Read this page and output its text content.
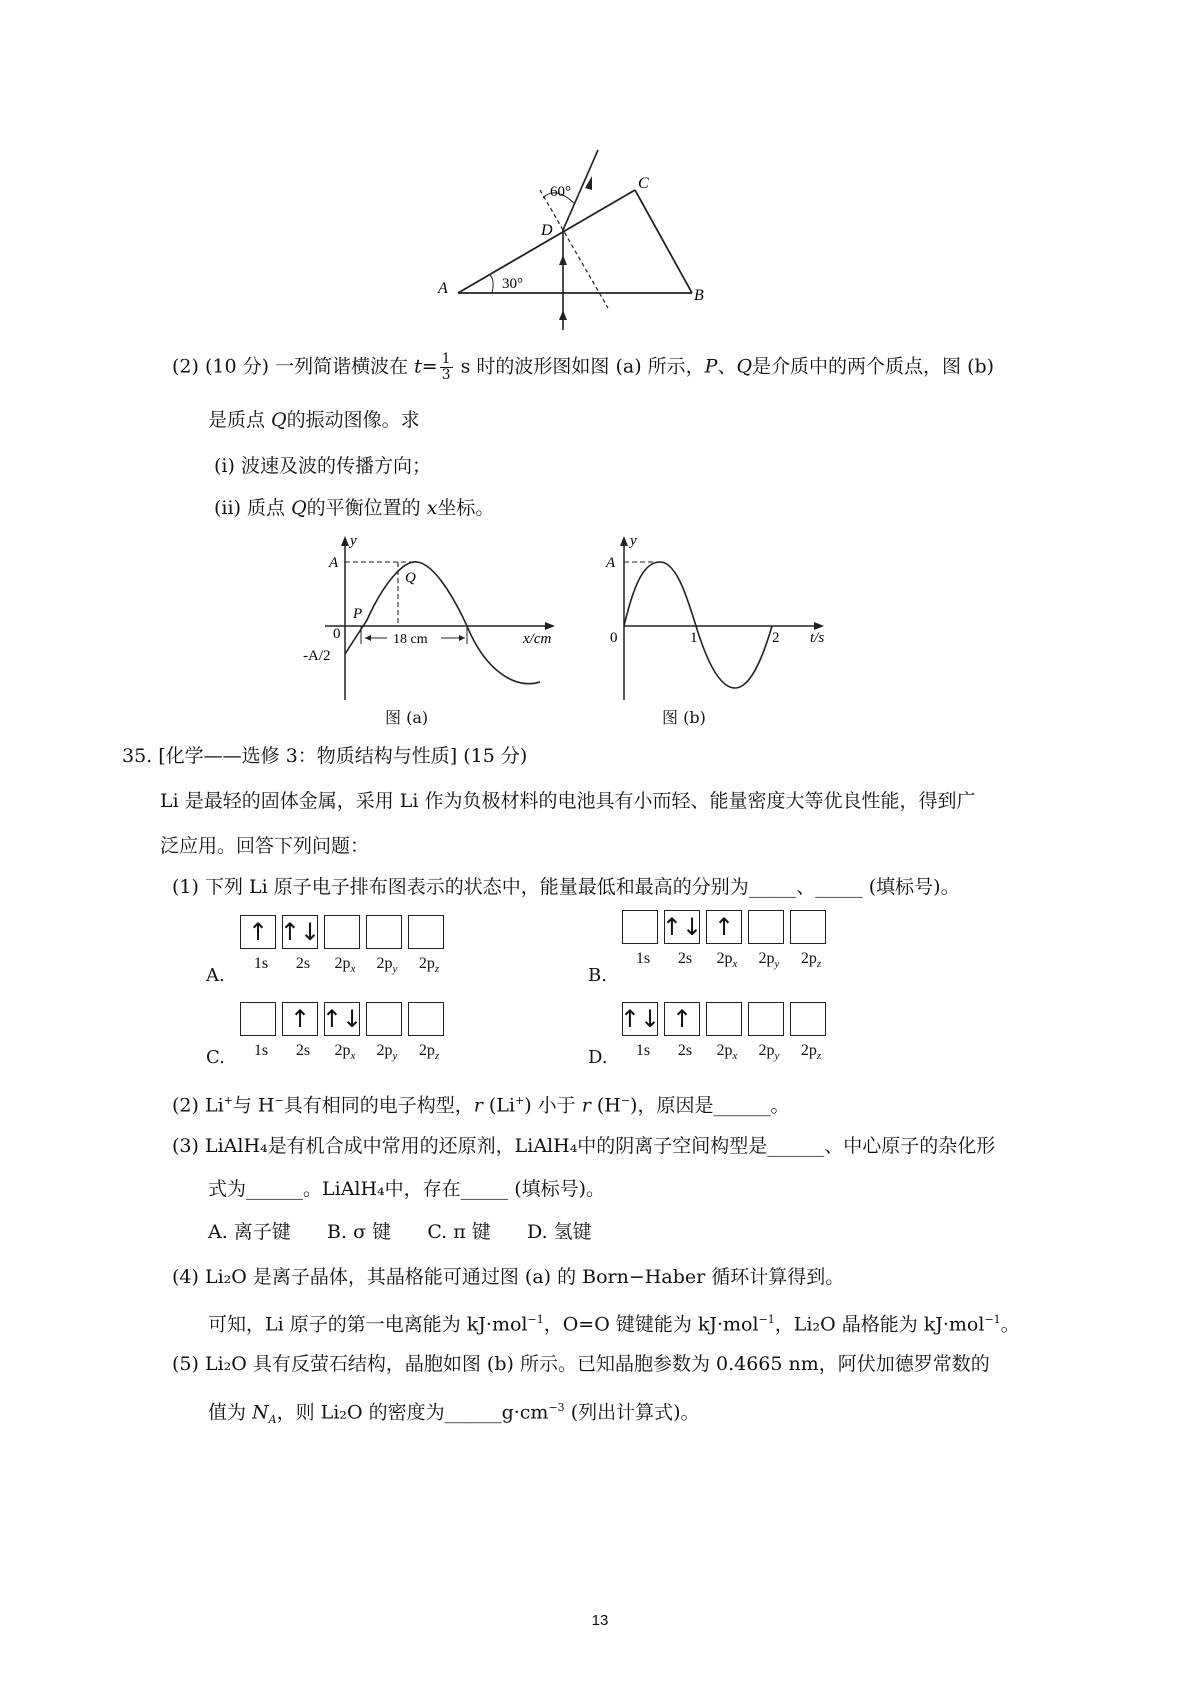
60°
30°
A	B
C
D
(2) (10 分) 一列简谐横波在 $t= \frac{1}{3}$ s 时的波形图如图 (a) 所示，P、Q是介质中的两个质点，图 (b)
是质点 Q的振动图像。求
(i) 波速及波的传播方向；
(ii) 质点 Q的平衡位置的 x坐标。
y
A
-A/2
0
P
Q
18 cm	x/cm
图 (a)
y
A
0	1	2 t/s
图 (b)
35. [化学——选修 3：物质结构与性质] (15 分)
Li 是最轻的固体金属，采用 Li 作为负极材料的电池具有小而轻、能量密度大等优良性能，得到广
泛应用。回答下列问题：
(1) 下列 Li 原子电子排布图表示的状态中，能量最低和最高的分别为_____、_____ (填标号)。
↑ ↑↓
1s	2s	$2p_x$	$2p_y$	$2p_z$
A.
↑↓ ↑
1s	2s	$2p_x$	$2p_y$	$2p_z$
B.
↑ ↑↓
1s	2s	$2p_x$	$2p_y$	$2p_z$
C.
↑↓ ↑
1s	2s	$2p_x$	$2p_y$	$2p_z$
D.
(2) Li+与 H−具有相同的电子构型，r (Li+) 小于 r (H−)，原因是______。
(3) LiAlH₄是有机合成中常用的还原剂，LiAlH₄中的阴离子空间构型是______、中心原子的杂化形
式为______。LiAlH₄中，存在_____ (填标号)。
A. 离子键      B. σ 键      C. π 键      D. 氢键
(4) Li₂O 是离子晶体，其晶格能可通过图 (a) 的 Born−Haber 循环计算得到。
可知，Li 原子的第一电离能为 kJ·mol$^{-1}$，O=O 键键能为 kJ·mol$^{-1}$，Li₂O 晶格能为 kJ·mol$^{-1}$。
(5) Li₂O 具有反萤石结构，晶胞如图 (b) 所示。已知晶胞参数为 0.4665 nm，阿伏加德罗常数的
值为 $N_A$，则 Li₂O 的密度为$\_\_\_\_\_\_g\cdot cm^{-3}$ (列出计算式)。
13
